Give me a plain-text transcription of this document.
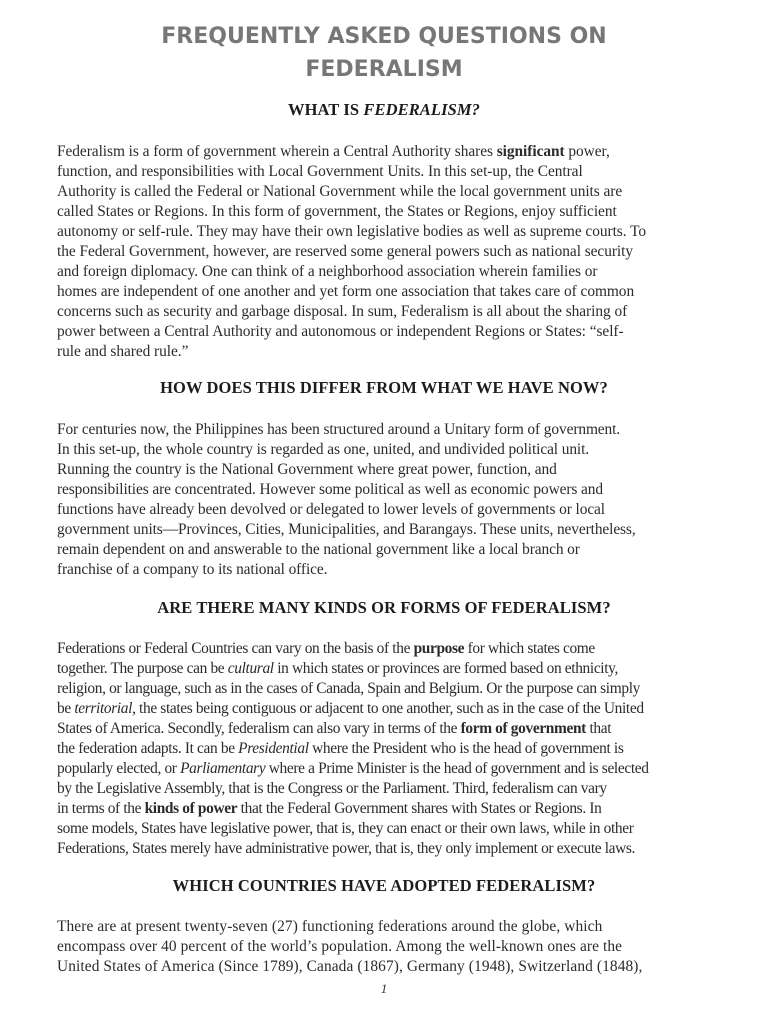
FREQUENTLY ASKED QUESTIONS ON
FEDERALISM
WHAT IS FEDERALISM?
Federalism is a form of government wherein a Central Authority shares significant power,
function, and responsibilities with Local Government Units. In this set-up, the Central
Authority is called the Federal or National Government while the local government units are
called States or Regions. In this form of government, the States or Regions, enjoy sufficient
autonomy or self-rule. They may have their own legislative bodies as well as supreme courts. To
the Federal Government, however, are reserved some general powers such as national security
and foreign diplomacy. One can think of a neighborhood association wherein families or
homes are independent of one another and yet form one association that takes care of common
concerns such as security and garbage disposal. In sum, Federalism is all about the sharing of
power between a Central Authority and autonomous or independent Regions or States: “self-
rule and shared rule.”
HOW DOES THIS DIFFER FROM WHAT WE HAVE NOW?
For centuries now, the Philippines has been structured around a Unitary form of government.
In this set-up, the whole country is regarded as one, united, and undivided political unit.
Running the country is the National Government where great power, function, and
responsibilities are concentrated. However some political as well as economic powers and
functions have already been devolved or delegated to lower levels of governments or local
government units—Provinces, Cities, Municipalities, and Barangays. These units, nevertheless,
remain dependent on and answerable to the national government like a local branch or
franchise of a company to its national office.
ARE THERE MANY KINDS OR FORMS OF FEDERALISM?
Federations or Federal Countries can vary on the basis of the purpose for which states come
together. The purpose can be cultural in which states or provinces are formed based on ethnicity,
religion, or language, such as in the cases of Canada, Spain and Belgium. Or the purpose can simply
be territorial, the states being contiguous or adjacent to one another, such as in the case of the United
States of America. Secondly, federalism can also vary in terms of the form of government that
the federation adapts. It can be Presidential where the President who is the head of government is
popularly elected, or Parliamentary where a Prime Minister is the head of government and is selected
by the Legislative Assembly, that is the Congress or the Parliament. Third, federalism can vary
in terms of the kinds of power that the Federal Government shares with States or Regions. In
some models, States have legislative power, that is, they can enact or their own laws, while in other
Federations, States merely have administrative power, that is, they only implement or execute laws.
WHICH COUNTRIES HAVE ADOPTED FEDERALISM?
There are at present twenty-seven (27) functioning federations around the globe, which
encompass over 40 percent of the world’s population. Among the well-known ones are the
United States of America (Since 1789), Canada (1867), Germany (1948), Switzerland (1848),
1
